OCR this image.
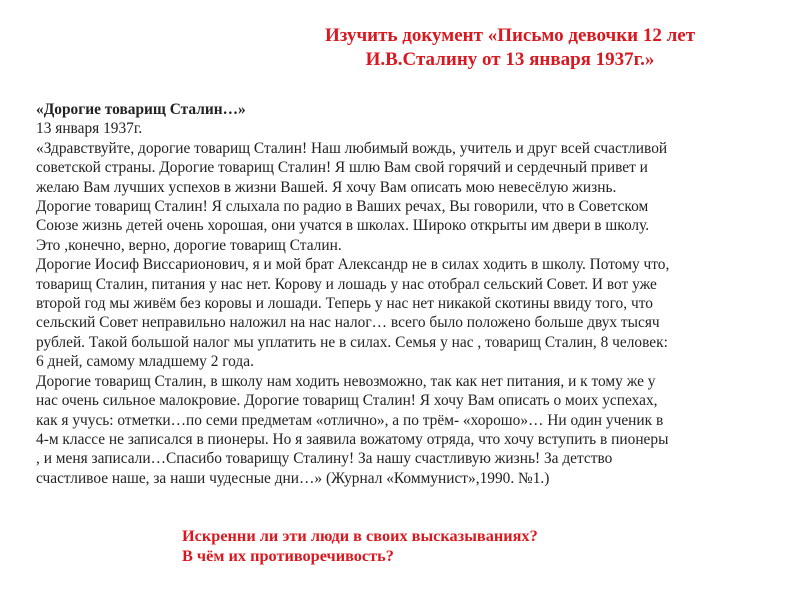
Изучить документ «Письмо девочки 12 лет
И.В.Сталину от 13 января 1937г.»
«Дорогие товарищ Сталин…»
13 января 1937г.
«Здравствуйте, дорогие товарищ Сталин! Наш любимый вождь, учитель и друг всей счастливой
советской страны. Дорогие товарищ Сталин! Я шлю Вам свой горячий и сердечный привет и
желаю Вам лучших успехов в жизни Вашей. Я хочу Вам описать мою невесёлую жизнь.
Дорогие товарищ Сталин! Я слыхала по радио в Ваших речах, Вы говорили, что в Советском
Союзе жизнь детей очень хорошая, они учатся в школах. Широко открыты им двери в школу.
Это ,конечно, верно, дорогие товарищ Сталин.
Дорогие Иосиф Виссарионович, я и мой брат Александр не в силах ходить в школу. Потому что,
товарищ Сталин, питания у нас нет. Корову и лошадь у нас отобрал сельский Совет. И вот уже
второй год мы живём без коровы и лошади. Теперь у нас нет никакой скотины ввиду того, что
сельский Совет неправильно наложил на нас налог… всего было положено больше двух тысяч
рублей. Такой большой налог мы уплатить не в силах. Семья у нас , товарищ Сталин, 8 человек:
6 дней, самому младшему 2 года.
Дорогие товарищ Сталин, в школу нам ходить невозможно, так как нет питания, и к тому же у
нас очень сильное малокровие. Дорогие товарищ Сталин! Я хочу Вам описать о моих успехах,
как я учусь: отметки…по семи предметам «отлично», а по трём- «хорошо»… Ни один ученик в
4-м классе не записался в пионеры. Но я заявила вожатому отряда, что хочу вступить в пионеры
, и меня записали…Спасибо товарищу Сталину! За нашу счастливую жизнь! За детство
счастливое наше, за наши чудесные дни…» (Журнал «Коммунист»,1990. №1.)
Искренни ли эти люди в своих высказываниях?
В чём их противоречивость?
